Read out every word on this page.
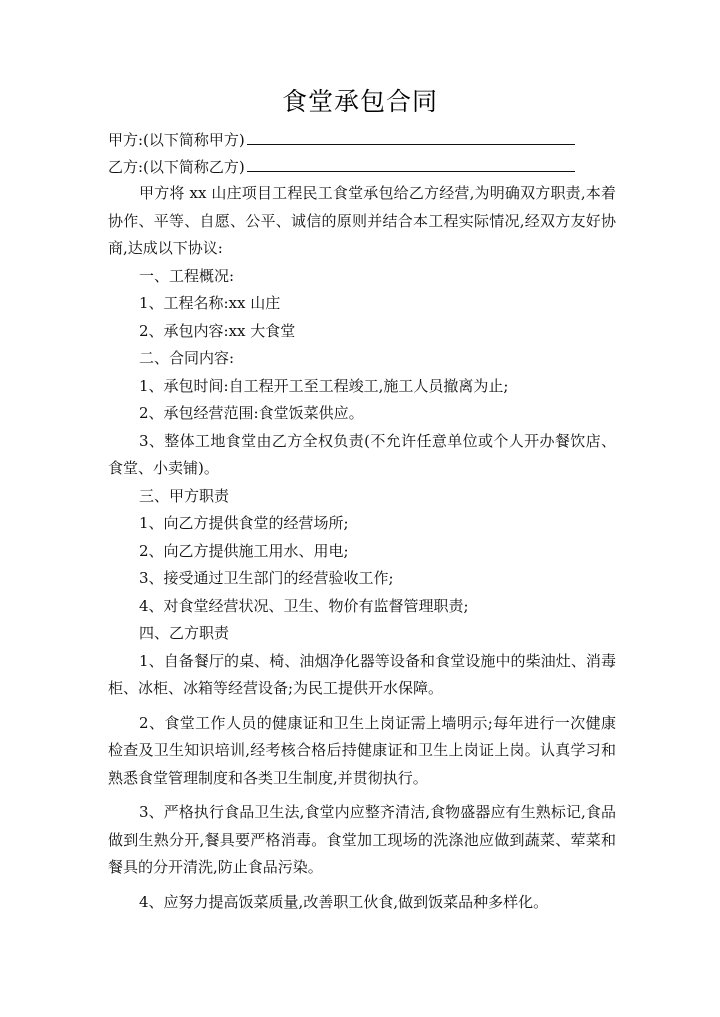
食堂承包合同
甲方:(以下简称甲方)
乙方:(以下简称乙方)

甲方将 xx 山庄项目工程民工食堂承包给乙方经营,为明确双方职责,本着协作、平等、自愿、公平、诚信的原则并结合本工程实际情况,经双方友好协商,达成以下协议:

一、工程概况:

1、工程名称:xx 山庄

2、承包内容:xx 大食堂

二、合同内容:

1、承包时间:自工程开工至工程竣工,施工人员撤离为止;

2、承包经营范围:食堂饭菜供应。

3、整体工地食堂由乙方全权负责(不允许任意单位或个人开办餐饮店、食堂、小卖铺)。

三、甲方职责

1、向乙方提供食堂的经营场所;

2、向乙方提供施工用水、用电;

3、接受通过卫生部门的经营验收工作;

4、对食堂经营状况、卫生、物价有监督管理职责;

四、乙方职责

1、自备餐厅的桌、椅、油烟净化器等设备和食堂设施中的柴油灶、消毒柜、冰柜、冰箱等经营设备;为民工提供开水保障。

2、食堂工作人员的健康证和卫生上岗证需上墙明示;每年进行一次健康检查及卫生知识培训,经考核合格后持健康证和卫生上岗证上岗。认真学习和熟悉食堂管理制度和各类卫生制度,并贯彻执行。

3、严格执行食品卫生法,食堂内应整齐清洁,食物盛器应有生熟标记,食品做到生熟分开,餐具要严格消毒。食堂加工现场的洗涤池应做到蔬菜、荤菜和餐具的分开清洗,防止食品污染。

4、应努力提高饭菜质量,改善职工伙食,做到饭菜品种多样化。
